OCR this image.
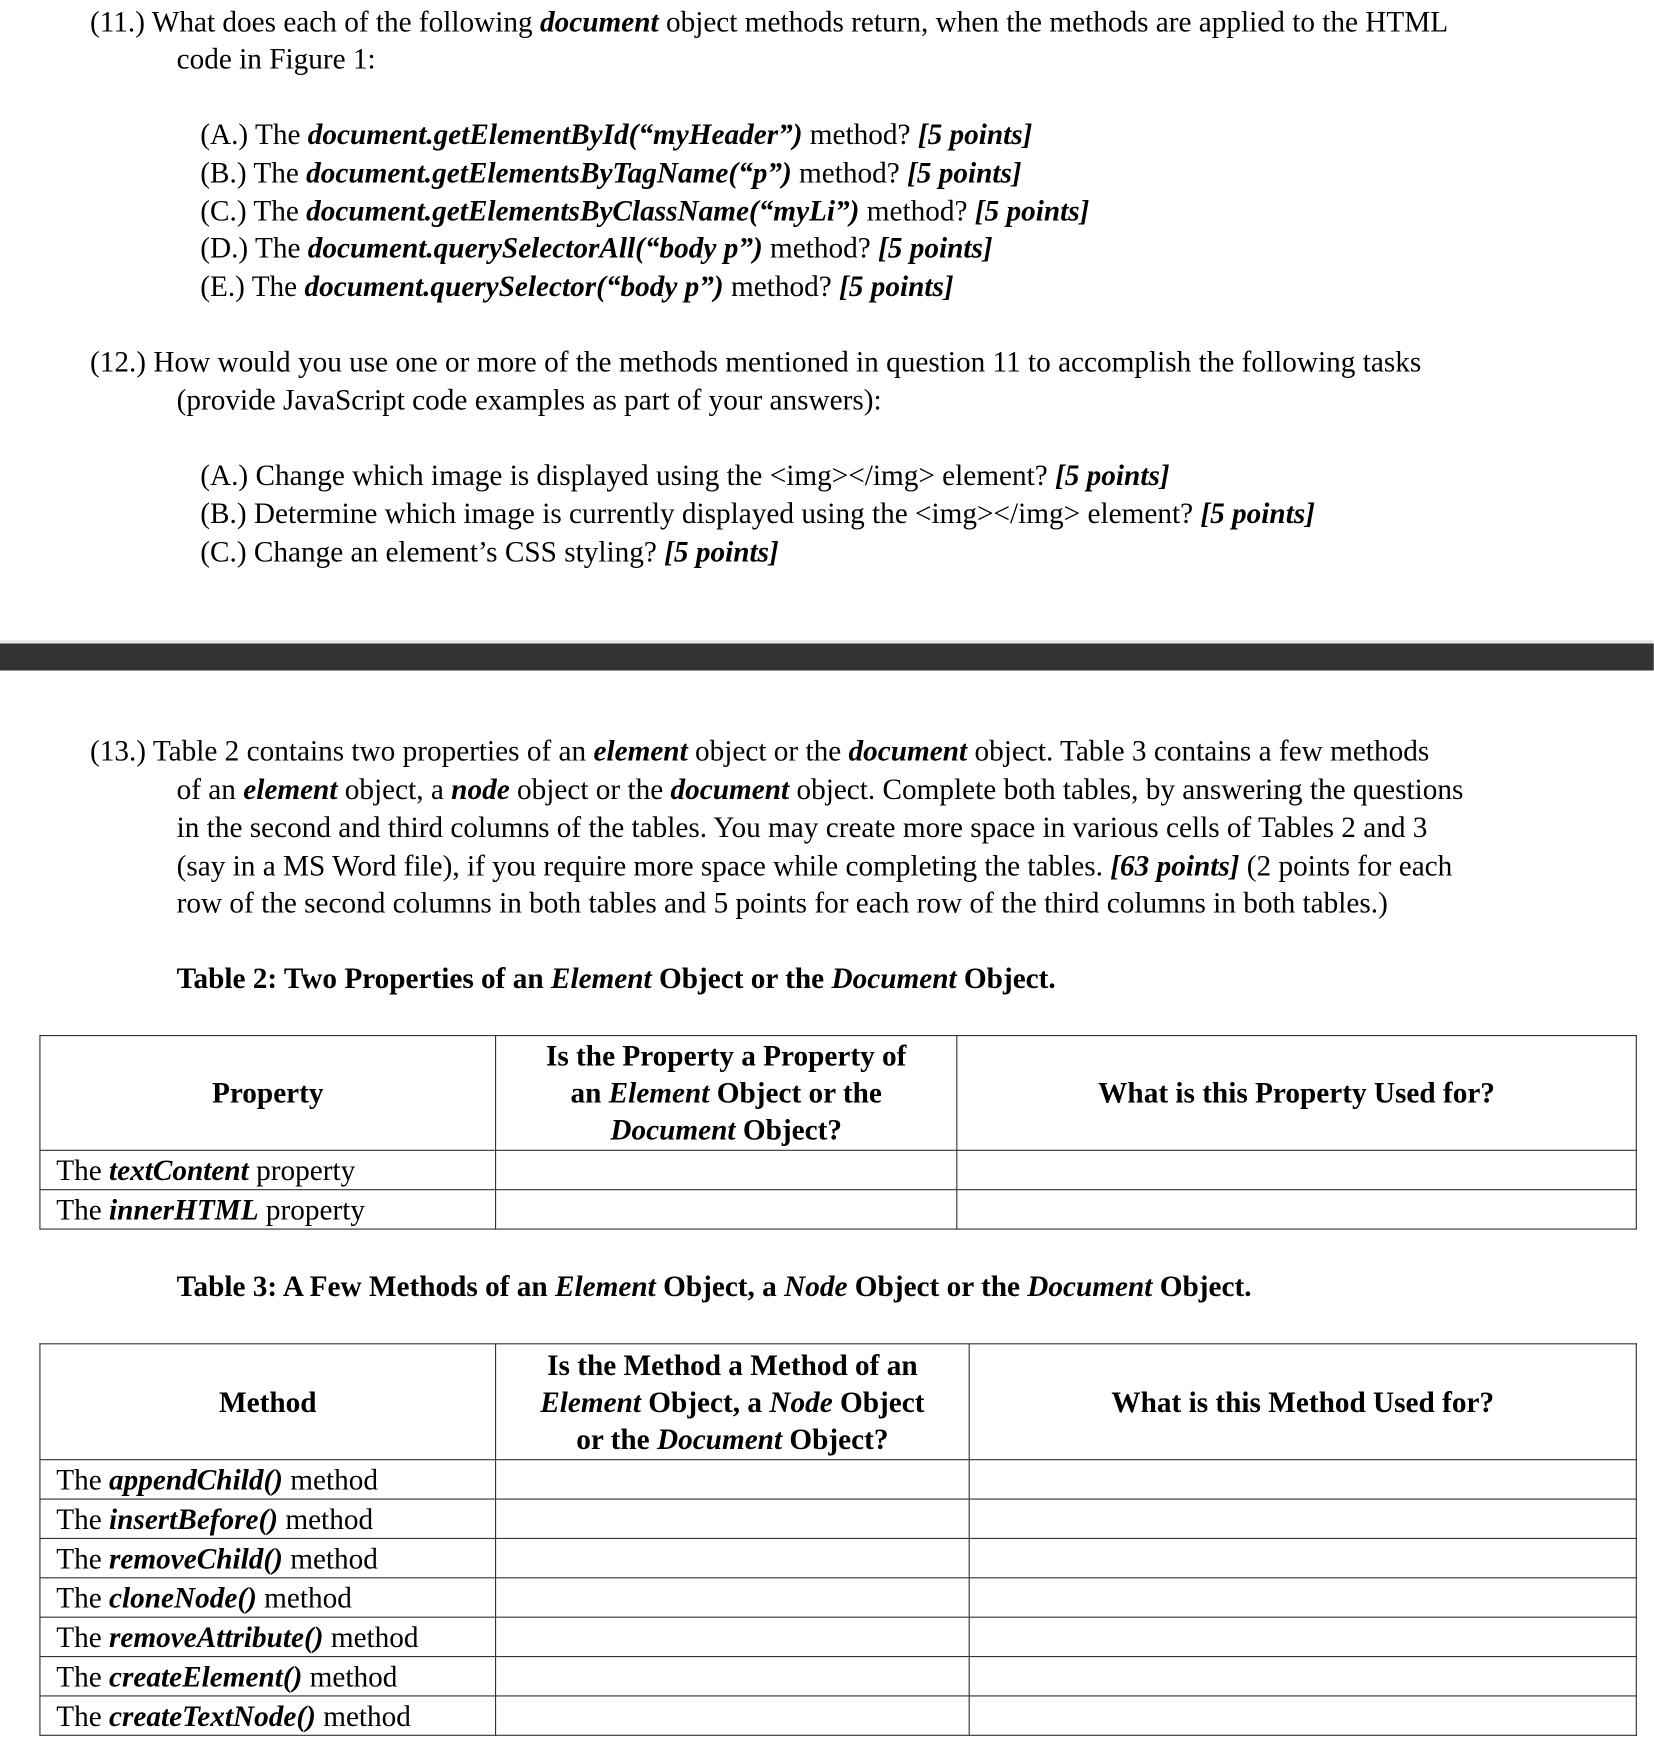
(11.) What does each of the following document object methods return, when the methods are applied to the HTML
code in Figure 1:
(A.) The document.getElementById(“myHeader”) method? [5 points]
(B.) The document.getElementsByTagName(“p”) method? [5 points]
(C.) The document.getElementsByClassName(“myLi”) method? [5 points]
(D.) The document.querySelectorAll(“body p”) method? [5 points]
(E.) The document.querySelector(“body p”) method? [5 points]
(12.) How would you use one or more of the methods mentioned in question 11 to accomplish the following tasks
(provide JavaScript code examples as part of your answers):
(A.) Change which image is displayed using the <img></img> element? [5 points]
(B.) Determine which image is currently displayed using the <img></img> element? [5 points]
(C.) Change an element’s CSS styling? [5 points]
(13.) Table 2 contains two properties of an element object or the document object. Table 3 contains a few methods
of an element object, a node object or the document object. Complete both tables, by answering the questions
in the second and third columns of the tables. You may create more space in various cells of Tables 2 and 3
(say in a MS Word file), if you require more space while completing the tables. [63 points] (2 points for each
row of the second columns in both tables and 5 points for each row of the third columns in both tables.)
Table 2: Two Properties of an Element Object or the Document Object.
Property	Is the Property a Property of
an Element Object or the
Document Object?	What is this Property Used for?
The textContent property		
The innerHTML property		
Table 3: A Few Methods of an Element Object, a Node Object or the Document Object.
Method	Is the Method a Method of an
Element Object, a Node Object
or the Document Object?	What is this Method Used for?
The appendChild() method		
The insertBefore() method		
The removeChild() method		
The cloneNode() method		
The removeAttribute() method		
The createElement() method		
The createTextNode() method		
